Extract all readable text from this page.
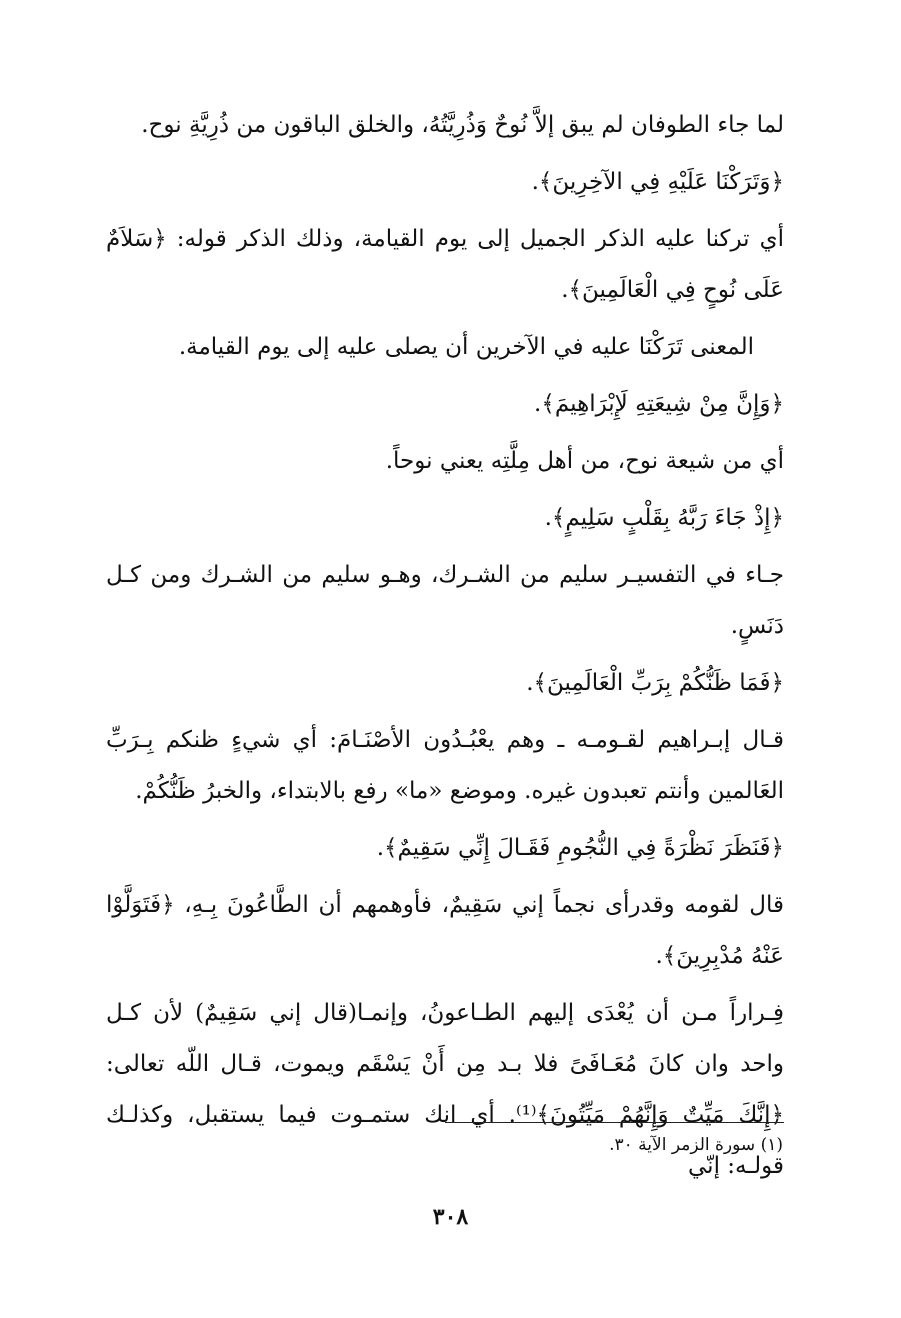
لما جاء الطوفان لم يبق إلاَّ نُوحٌ وَذُرِيَّتُهُ، والخلق الباقون من ذُرِيَّةِ نوح.

﴿وَتَرَكْنَا عَلَيْهِ فِي الآخِرِينَ﴾.

أي تركنا عليه الذكر الجميل إلى يوم القيامة، وذلك الذكر قوله: ﴿سَلاَمٌ عَلَى نُوحٍ فِي الْعَالَمِينَ﴾.

المعنى تَرَكْنَا عليه في الآخرين أن يصلى عليه إلى يوم القيامة.

﴿وَإِنَّ مِنْ شِيعَتِهِ لَإِبْرَاهِيمَ﴾.

أي من شيعة نوح، من أهل مِلَّتِه يعني نوحاً.

﴿إِذْ جَاءَ رَبَّهُ بِقَلْبٍ سَلِيمٍ﴾.

جـاء في التفسيـر سليم من الشـرك، وهـو سليم من الشـرك ومن كـل دَنَسٍ.

﴿فَمَا ظَنُّكُمْ بِرَبِّ الْعَالَمِينَ﴾.

قـال إبـراهيم لقـومـه ـ وهم يعْبُـدُون الأصْنَـامَ: أي شيءٍ ظنكم بِـرَبِّ العَالمين وأنتم تعبدون غيره. وموضع «ما» رفع بالابتداء، والخبرُ ظَنُّكُمْ.

﴿فَنَظَرَ نَظْرَةً فِي النُّجُومِ فَقَـالَ إِنِّي سَقِيمٌ﴾.

قال لقومه وقدرأى نجماً إني سَقِيمٌ، فأوهمهم أن الطَّاعُونَ بِـهِ، ﴿فَتَوَلَّوْا عَنْهُ مُدْبِرِينَ﴾.

فِـراراً مـن أن يُعْدَى إليهم الطـاعونُ، وإنمـا(قال إني سَقِيمٌ) لأن كـل واحد وان كانَ مُعَـافَىً فلا بـد مِن أَنْ يَسْقَم ويموت، قـال اللّه تعالى: ﴿إِنَّكَ مَيِّتٌ وَإِنَّهُمْ مَيِّتُونَ﴾⁽¹⁾. أي انك ستمـوت فيما يستقبل، وكذلـك قولـه: إنّي

(١) سورة الزمر الآية ٣٠.
٣٠٨
